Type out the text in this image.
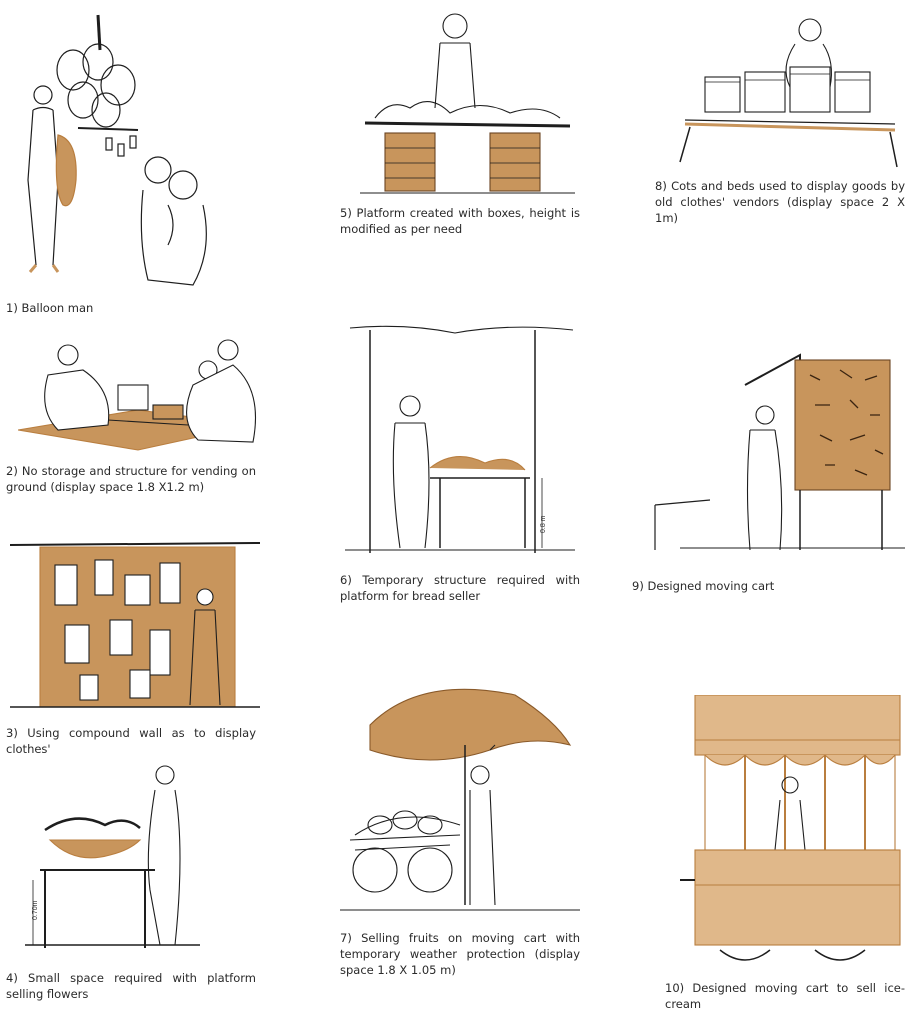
1) Balloon man
2) No storage and structure for vending on ground (display space 1.8 X1.2 m)
3) Using compound wall as to display clothes'
0.70m
4) Small space required with platform selling flowers
5) Platform created with boxes, height is modified as per need
0.8 m
6) Temporary structure required with platform for bread seller
7) Selling fruits on moving cart with temporary weather protection (display space 1.8 X 1.05 m)
8) Cots and beds used to display goods by old clothes' vendors (display space 2 X 1m)
9) Designed moving cart
10) Designed moving cart to sell ice-cream
